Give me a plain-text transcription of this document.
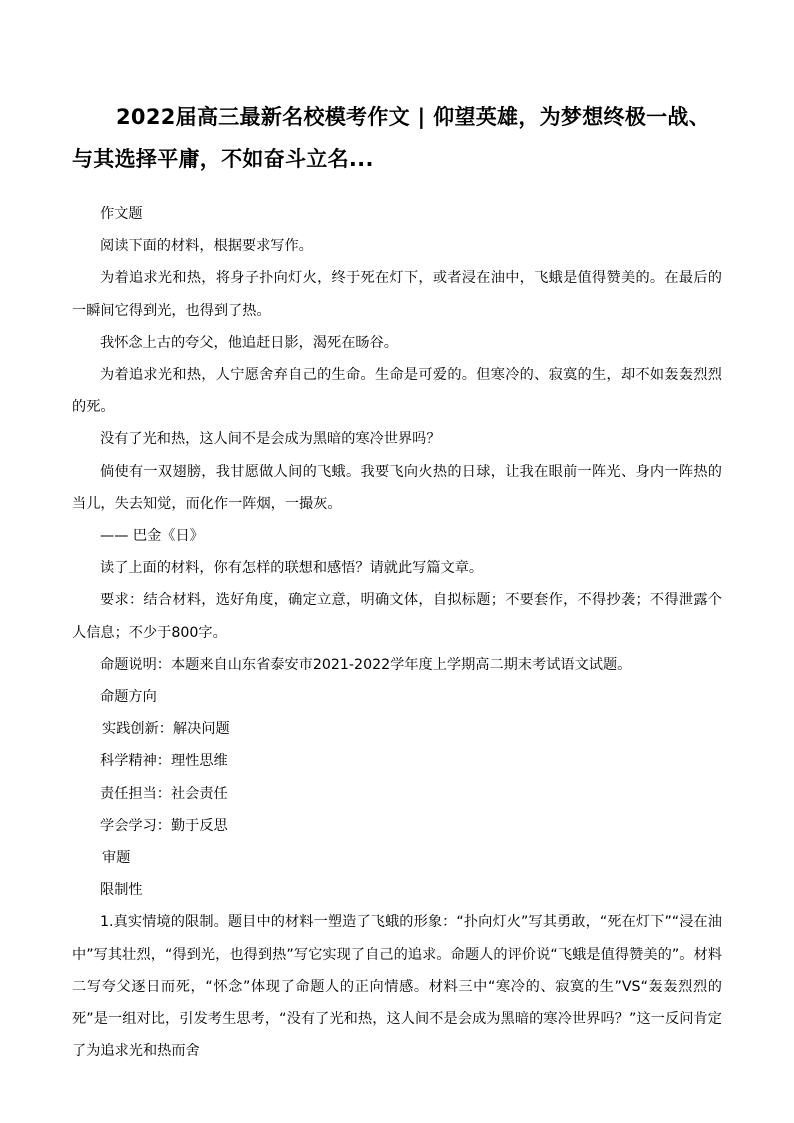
2022届高三最新名校模考作文 | 仰望英雄，为梦想终极一战、与其选择平庸，不如奋斗立名...

作文题

阅读下面的材料，根据要求写作。

为着追求光和热，将身子扑向灯火，终于死在灯下，或者浸在油中，飞蛾是值得赞美的。在最后的一瞬间它得到光，也得到了热。

我怀念上古的夸父，他追赶日影，渴死在旸谷。

为着追求光和热，人宁愿舍弃自己的生命。生命是可爱的。但寒冷的、寂寞的生，却不如轰轰烈烈的死。

没有了光和热，这人间不是会成为黑暗的寒冷世界吗？

倘使有一双翅膀，我甘愿做人间的飞蛾。我要飞向火热的日球，让我在眼前一阵光、身内一阵热的当儿，失去知觉，而化作一阵烟，一撮灰。

—— 巴金《日》

读了上面的材料，你有怎样的联想和感悟？请就此写篇文章。

要求：结合材料，选好角度，确定立意，明确文体，自拟标题；不要套作，不得抄袭；不得泄露个人信息；不少于800字。

命题说明：本题来自山东省泰安市2021-2022学年度上学期高二期末考试语文试题。

命题方向

实践创新：解决问题

科学精神：理性思维

责任担当：社会责任

学会学习：勤于反思

审题

限制性

1.真实情境的限制。题目中的材料一塑造了飞蛾的形象：“扑向灯火”写其勇敢，“死在灯下”“浸在油中”写其壮烈，“得到光，也得到热”写它实现了自己的追求。命题人的评价说“飞蛾是值得赞美的”。材料二写夸父逐日而死，“怀念”体现了命题人的正向情感。材料三中“寒冷的、寂寞的生”VS“轰轰烈烈的死”是一组对比，引发考生思考，“没有了光和热，这人间不是会成为黑暗的寒冷世界吗？”这一反问肯定了为追求光和热而舍
